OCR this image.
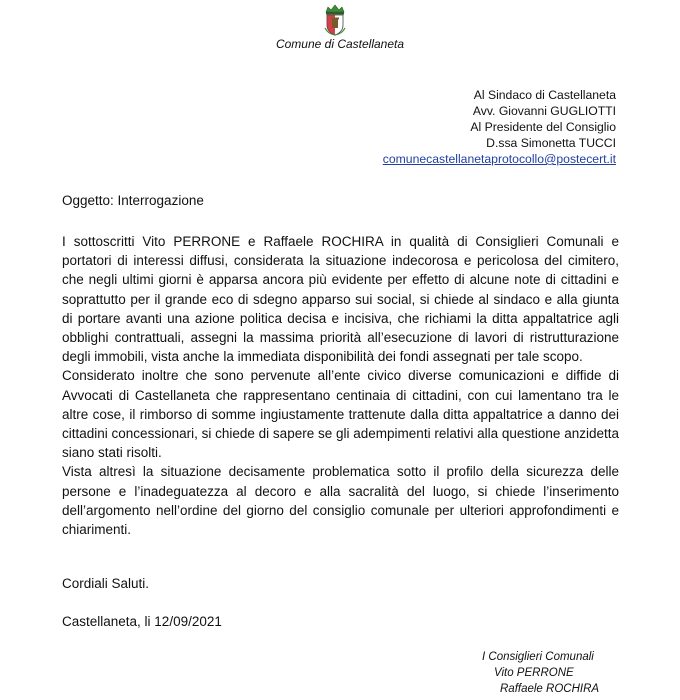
Comune di Castellaneta
Al Sindaco di Castellaneta
Avv. Giovanni GUGLIOTTI
Al Presidente del Consiglio
D.ssa Simonetta TUCCI
comunecastellanetaprotocollo@postecert.it
Oggetto: Interrogazione

I sottoscritti Vito PERRONE e Raffaele ROCHIRA in qualità di Consiglieri Comunali e portatori di interessi diffusi, considerata la situazione indecorosa e pericolosa del cimitero, che negli ultimi giorni è apparsa ancora più evidente per effetto di alcune note di cittadini e soprattutto per il grande eco di sdegno apparso sui social, si chiede al sindaco e alla giunta di portare avanti una azione politica decisa e incisiva, che richiami la ditta appaltatrice agli obblighi contrattuali, assegni la massima priorità all’esecuzione di lavori di ristrutturazione degli immobili, vista anche la immediata disponibilità dei fondi assegnati per tale scopo.

Considerato inoltre che sono pervenute all’ente civico diverse comunicazioni e diffide di Avvocati di Castellaneta che rappresentano centinaia di cittadini, con cui lamentano tra le altre cose, il rimborso di somme ingiustamente trattenute dalla ditta appaltatrice a danno dei cittadini concessionari, si chiede di sapere se gli adempimenti relativi alla questione anzidetta siano stati risolti.

Vista altresì la situazione decisamente problematica sotto il profilo della sicurezza delle persone e l’inadeguatezza al decoro e alla sacralità del luogo, si chiede l’inserimento dell’argomento nell’ordine del giorno del consiglio comunale per ulteriori approfondimenti e chiarimenti.

Cordiali Saluti.
Castellaneta, li 12/09/2021
I Consiglieri Comunali
Vito PERRONE
Raffaele ROCHIRA
